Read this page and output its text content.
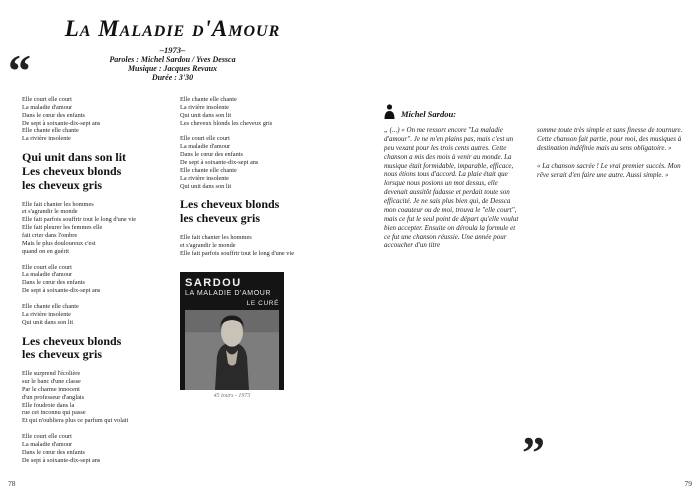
“
La Maladie d'Amour
–1973–
Paroles : Michel Sardou / Yves Dessca
Musique : Jacques Revaux
Durée : 3'30
Elle court elle court
La maladie d'amour
Dans le cœur des enfants
De sept à soixante-dix-sept ans
Elle chante elle chante
La rivière insolente
Qui unit dans son lit
Les cheveux blonds
les cheveux gris
Elle fait chanter les hommes
et s'agrandir le monde
Elle fait parfois souffrir tout le long d'une vie
Elle fait pleurer les femmes elle
fait crier dans l'ombre
Mais le plus douloureux c'est
quand on en guérit
Elle court elle court
La maladie d'amour
Dans le cœur des enfants
De sept à soixante-dix-sept ans
Elle chante elle chante
La rivière insolente
Qui unit dans son lit
Les cheveux blonds
les cheveux gris
Elle surprend l'écolière
sur le banc d'une classe
Par le charme innocent
d'un professeur d'anglais
Elle foudroie dans la
rue cet inconnu qui passe
Et qui n'oubliera plus ce parfum qui volait
Elle court elle court
La maladie d'amour
Dans le cœur des enfants
De sept à soixante-dix-sept ans
Elle chante elle chante
La rivière insolente
Qui unit dans son lit
Les cheveux blonds les cheveux gris
Elle court elle court
La maladie d'amour
Dans le cœur des enfants
De sept à soixante-dix-sept ans
Elle chante elle chante
La rivière insolente
Qui unit dans son lit
Les cheveux blonds
les cheveux gris
Elle fait chanter les hommes
et s'agrandir le monde
Elle fait parfois souffrir tout le long d'une vie
SARDOU
LA MALADIE D'AMOUR
LE CURÉ
45 tours - 1973
Michel Sardou:

„ (...) « On me ressort encore "La maladie d'amour". Je ne m'en plains pas, mais c'est un peu vexant pour les trois cents autres. Cette chanson a mis des mois à venir au monde. La musique était formidable, imparable, efficace, nous étions tous d'accord. La plaie était que lorsque nous posions un mot dessus, elle devenait aussitôt fadasse et perdait toute son efficacité. Je ne sais plus bien qui, de Dessca mon coauteur ou de moi, trouva le "elle court", mais ce fut le seul point de départ qu'elle voulut bien accepter. Ensuite on déroula la formule et ce fut une chanson réussie. Une année pour accoucher d'un titre

somme toute très simple et sans finesse de tournure. Cette chanson fait partie, pour moi, des musiques à destination indéfinie mais au sens obligatoire. »

« La chanson sacrée ! Le vrai premier succès. Mon rêve serait d'en faire une autre. Aussi simple. »

”
78	79
